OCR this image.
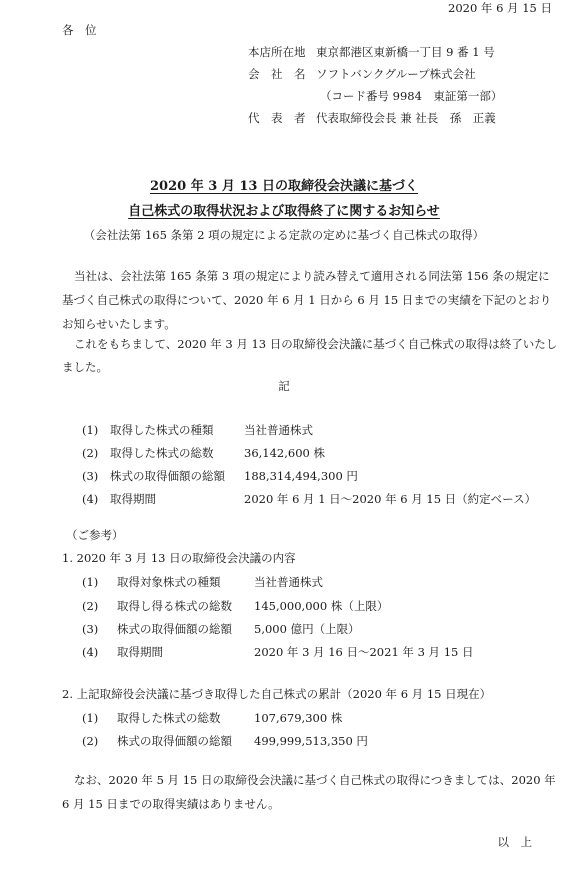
2020 年 6 月 15 日
各　位
本店所在地 東京都港区東新橋一丁目 9 番 1 号
会　社　名 ソフトバンクグループ株式会社
（コード番号 9984　東証第一部）
代　表　者 代表取締役会長 兼 社長　孫　正義
2020 年 3 月 13 日の取締役会決議に基づく
自己株式の取得状況および取得終了に関するお知らせ
（会社法第 165 条第 2 項の規定による定款の定めに基づく自己株式の取得）
当社は、会社法第 165 条第 3 項の規定により読み替えて適用される同法第 156 条の規定に
基づく自己株式の取得について、2020 年 6 月 1 日から 6 月 15 日までの実績を下記のとおり
お知らせいたします。
これをもちまして、2020 年 3 月 13 日の取締役会決議に基づく自己株式の取得は終了いたし
ました。
記
(1) 取得した株式の種類	当社普通株式
(2) 取得した株式の総数	36,142,600 株
(3) 株式の取得価額の総額 188,314,494,300 円
(4) 取得期間	2020 年 6 月 1 日～2020 年 6 月 15 日（約定ベース）
（ご参考）
1. 2020 年 3 月 13 日の取締役会決議の内容
(1) 取得対象株式の種類	当社普通株式
(2) 取得し得る株式の総数 145,000,000 株（上限）
(3) 株式の取得価額の総額 5,000 億円（上限）
(4) 取得期間	2020 年 3 月 16 日～2021 年 3 月 15 日
2. 上記取締役会決議に基づき取得した自己株式の累計（2020 年 6 月 15 日現在）
(1) 取得した株式の総数	107,679,300 株
(2) 株式の取得価額の総額 499,999,513,350 円
なお、2020 年 5 月 15 日の取締役会決議に基づく自己株式の取得につきましては、2020 年
6 月 15 日までの取得実績はありません。
以　上
